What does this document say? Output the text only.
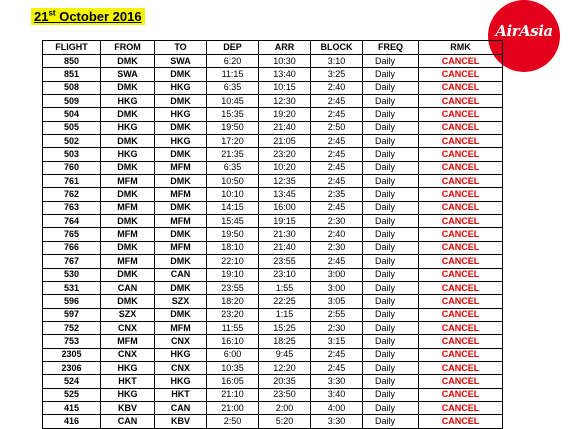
21st October 2016
AirAsia
FLIGHT	FROM	TO	DEP	ARR	BLOCK	FREQ	RMK
850	DMK	SWA	6:20	10:30	3:10	Daily	CANCEL
851	SWA	DMK	11:15	13:40	3:25	Daily	CANCEL
508	DMK	HKG	6:35	10:15	2:40	Daily	CANCEL
509	HKG	DMK	10:45	12:30	2:45	Daily	CANCEL
504	DMK	HKG	15:35	19:20	2:45	Daily	CANCEL
505	HKG	DMK	19:50	21:40	2:50	Daily	CANCEL
502	DMK	HKG	17:20	21:05	2:45	Daily	CANCEL
503	HKG	DMK	21:35	23:20	2:45	Daily	CANCEL
760	DMK	MFM	6:35	10:20	2:45	Daily	CANCEL
761	MFM	DMK	10:50	12:35	2:45	Daily	CANCEL
762	DMK	MFM	10:10	13:45	2:35	Daily	CANCEL
763	MFM	DMK	14:15	16:00	2:45	Daily	CANCEL
764	DMK	MFM	15:45	19:15	2:30	Daily	CANCEL
765	MFM	DMK	19:50	21:30	2:40	Daily	CANCEL
766	DMK	MFM	18:10	21:40	2:30	Daily	CANCEL
767	MFM	DMK	22:10	23:55	2:45	Daily	CANCEL
530	DMK	CAN	19:10	23:10	3:00	Daily	CANCEL
531	CAN	DMK	23:55	1:55	3:00	Daily	CANCEL
596	DMK	SZX	18:20	22:25	3:05	Daily	CANCEL
597	SZX	DMK	23:20	1:15	2:55	Daily	CANCEL
752	CNX	MFM	11:55	15:25	2:30	Daily	CANCEL
753	MFM	CNX	16:10	18:25	3:15	Daily	CANCEL
2305	CNX	HKG	6:00	9:45	2:45	Daily	CANCEL
2306	HKG	CNX	10:35	12:20	2:45	Daily	CANCEL
524	HKT	HKG	16:05	20:35	3:30	Daily	CANCEL
525	HKG	HKT	21:10	23:50	3:40	Daily	CANCEL
415	KBV	CAN	21:00	2:00	4:00	Daily	CANCEL
416	CAN	KBV	2:50	5:20	3:30	Daily	CANCEL
